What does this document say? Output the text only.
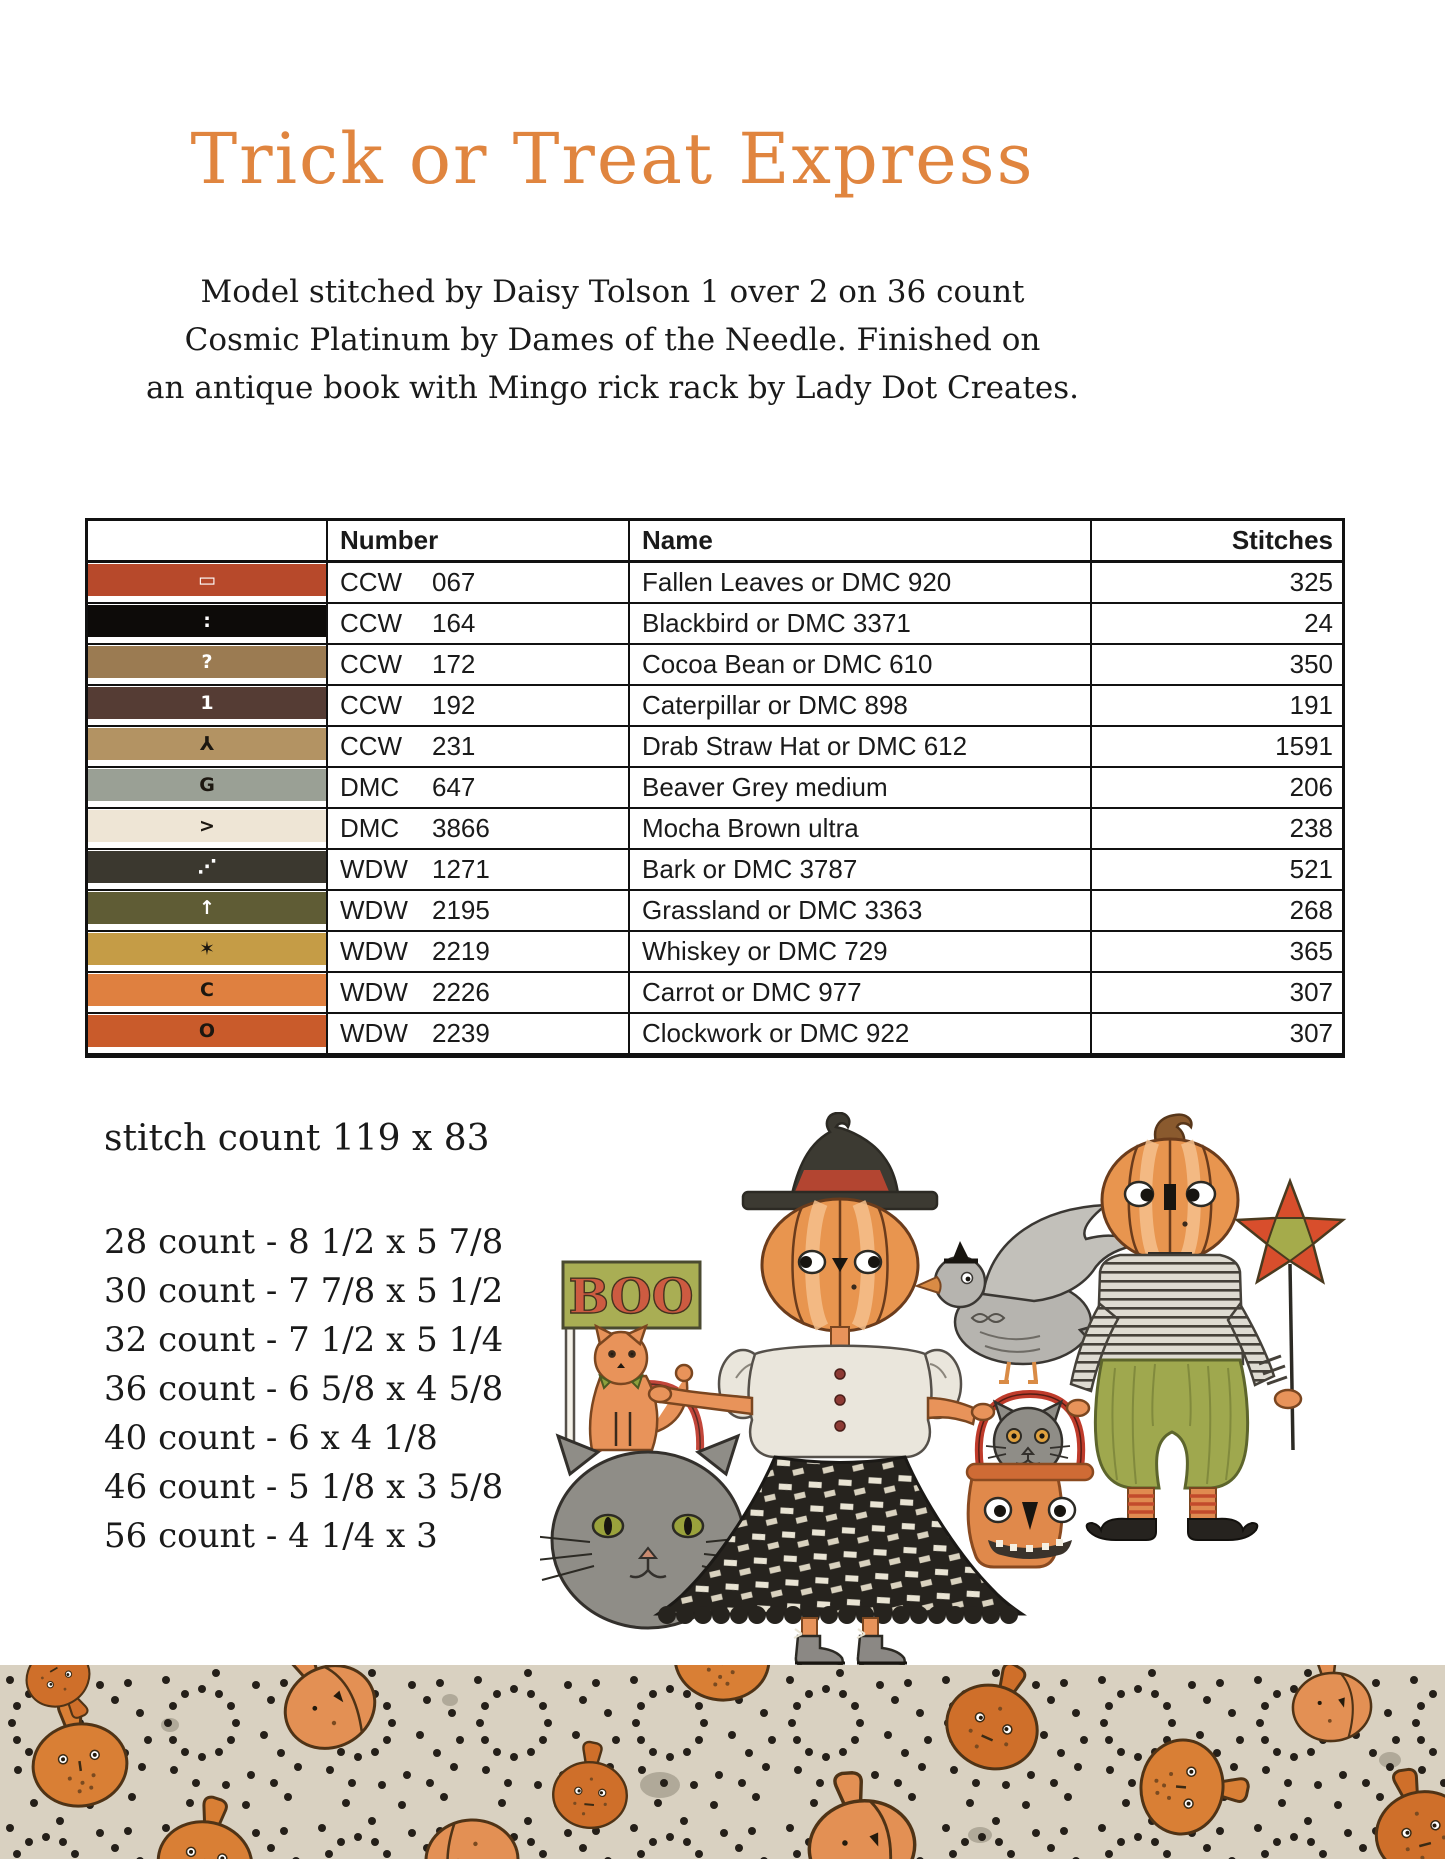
Trick or Treat Express
Model stitched by Daisy Tolson 1 over 2 on 36 count
Cosmic Platinum by Dames of the Needle. Finished on
an antique book with Mingo rick rack by Lady Dot Creates.
Number	Name	Stitches
▭	CCW	067	Fallen Leaves or DMC 920	325
:	CCW	164	Blackbird or DMC 3371	24
?	CCW	172	Cocoa Bean or DMC 610	350
1	CCW	192	Caterpillar or DMC 898	191
⅄	CCW	231	Drab Straw Hat or DMC 612	1591
G	DMC	647	Beaver Grey medium	206
>	DMC	3866	Mocha Brown ultra	238
⋰	WDW 1271	Bark or DMC 3787	521
↑	WDW 2195	Grassland or DMC 3363	268
✶	WDW 2219	Whiskey or DMC 729	365
C	WDW 2226	Carrot or DMC 977	307
O	WDW 2239	Clockwork or DMC 922	307
stitch count 119 x 83
28 count - 8 1/2 x 5 7/8
30 count - 7 7/8 x 5 1/2
32 count - 7 1/2 x 5 1/4
36 count - 6 5/8 x 4 5/8
40 count - 6 x 4 1/8
46 count - 5 1/8 x 3 5/8
56 count - 4 1/4 x 3
BOO
